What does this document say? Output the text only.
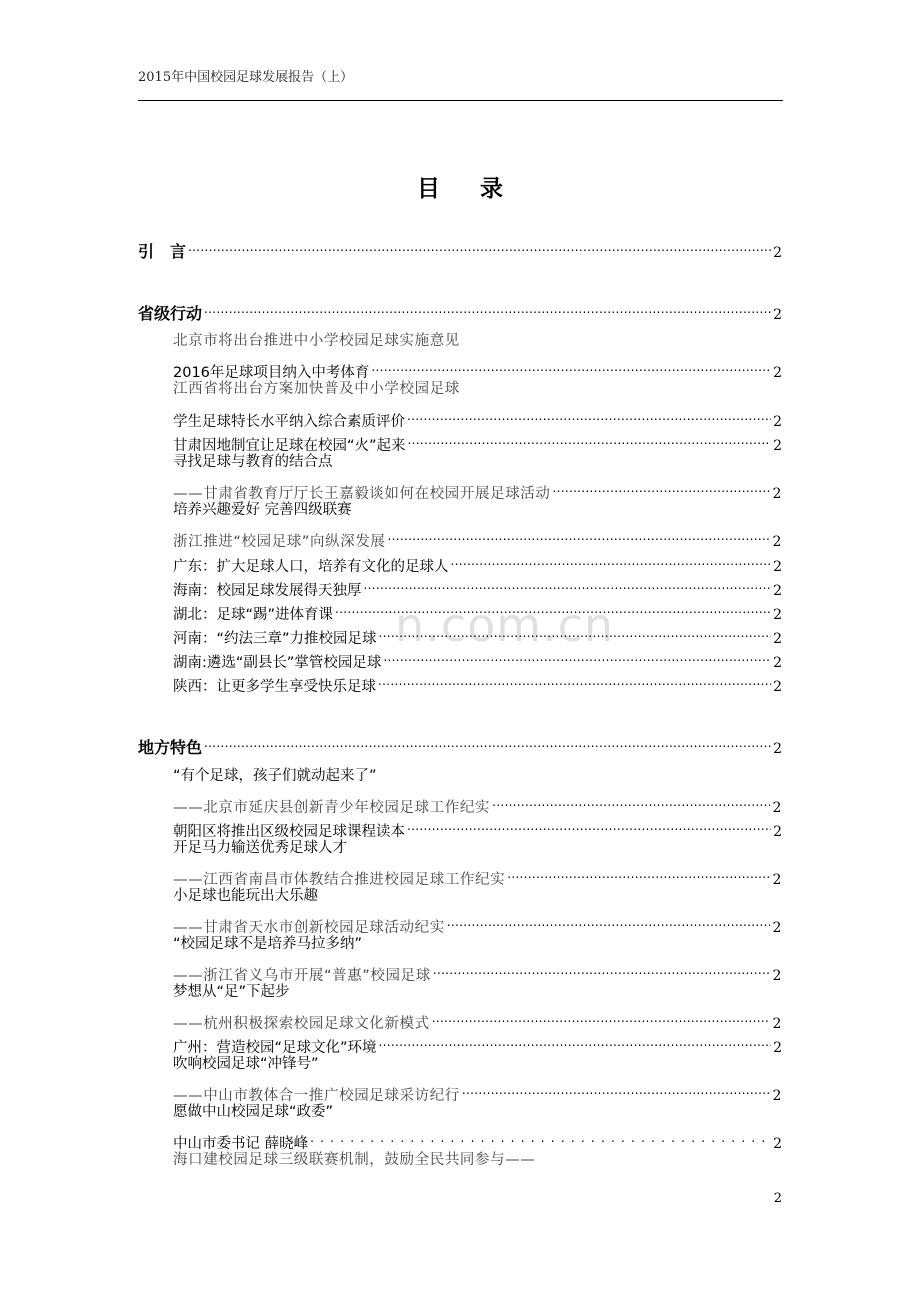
2015年中国校园足球发展报告（上）
目录
引　言 .....	2
省级行动 .....	2
北京市将出台推进中小学校园足球实施意见
2016年足球项目纳入中考体育 .....	2
江西省将出台方案加快普及中小学校园足球
学生足球特长水平纳入综合素质评价 .....	2
甘肃因地制宜让足球在校园“火”起来 .....	2
寻找足球与教育的结合点
——甘肃省教育厅厅长王嘉毅谈如何在校园开展足球活动 .....	2
培养兴趣爱好 完善四级联赛
浙江推进“校园足球”向纵深发展 .....	2
广东：扩大足球人口，培养有文化的足球人 .....	2
海南：校园足球发展得天独厚 .....	2
湖北：足球“踢”进体育课 .....	2
河南：“约法三章”力推校园足球 .....	2
湖南:遴选“副县长”掌管校园足球 .....	2
陕西：让更多学生享受快乐足球 .....	2
地方特色 .....	2
“有个足球，孩子们就动起来了”
——北京市延庆县创新青少年校园足球工作纪实 .....	2
朝阳区将推出区级校园足球课程读本 .....	2
开足马力输送优秀足球人才
——江西省南昌市体教结合推进校园足球工作纪实 .....	2
小足球也能玩出大乐趣
——甘肃省天水市创新校园足球活动纪实 .....	2
“校园足球不是培养马拉多纳”
——浙江省义乌市开展“普惠”校园足球 .....	2
梦想从“足”下起步
——杭州积极探索校园足球文化新模式 .....	2
广州：营造校园“足球文化”环境 .....	2
吹响校园足球“冲锋号”
——中山市教体合一推广校园足球采访纪行 .....	2
愿做中山校园足球“政委”
中山市委书记 薛晓峰 . . .	2
海口建校园足球三级联赛机制，鼓励全民共同参与——
n.com.cn
2
